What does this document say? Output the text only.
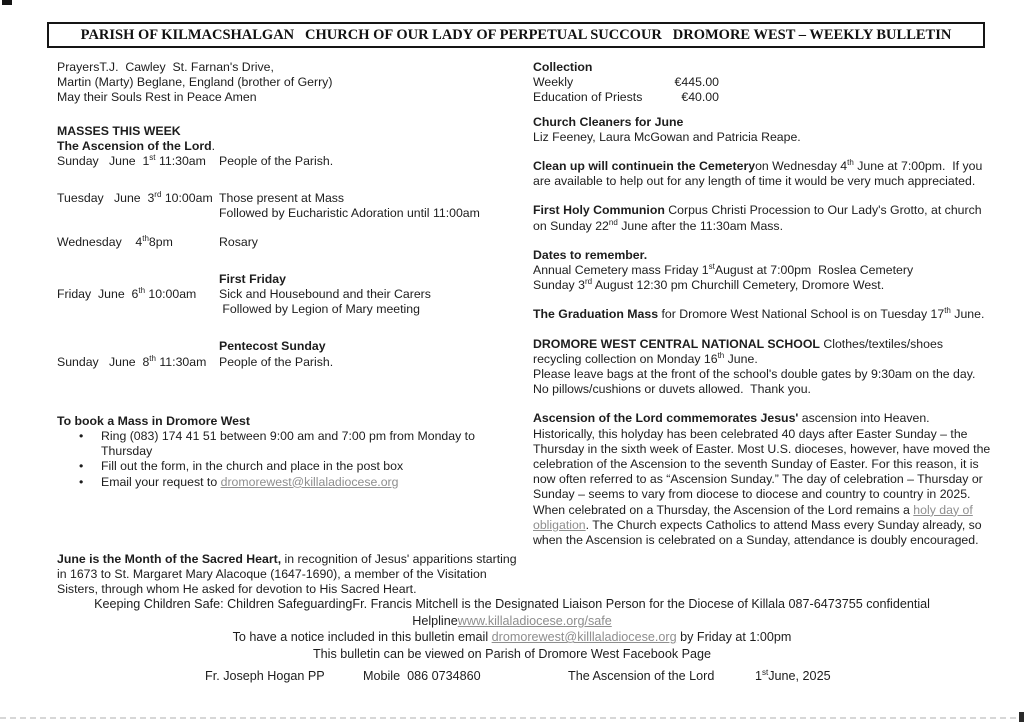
PARISH OF KILMACSHALGAN   CHURCH OF OUR LADY OF PERPETUAL SUCCOUR   DROMORE WEST – WEEKLY BULLETIN
PrayersT.J.  Cawley  St. Farnan's Drive,
Martin (Marty) Beglane, England (brother of Gerry)
May their Souls Rest in Peace Amen
MASSES THIS WEEK
The Ascension of the Lord.
Sunday   June  1st 11:30am	People of the Parish.
Tuesday   June  3rd 10:00am Those present at Mass
Followed by Eucharistic Adoration until 11:00am
Wednesday    4th8pm	Rosary
First Friday
Friday  June  6th 10:00am	Sick and Housebound and their Carers
Followed by Legion of Mary meeting
Pentecost Sunday
Sunday   June  8th 11:30am	People of the Parish.
To book a Mass in Dromore West
•	Ring (083) 174 41 51 between 9:00 am and 7:00 pm from Monday to Thursday
•	Fill out the form, in the church and place in the post box
•	Email your request to dromorewest@killaladiocese.org
June is the Month of the Sacred Heart, in recognition of Jesus' apparitions starting in 1673 to St. Margaret Mary Alacoque (1647-1690), a member of the Visitation Sisters, through whom He asked for devotion to His Sacred Heart.
Collection
Weekly	€445.00
Education of Priests	€40.00
Church Cleaners for June
Liz Feeney, Laura McGowan and Patricia Reape.
Clean up will continuein the Cemeteryon Wednesday 4th June at 7:00pm.  If you are available to help out for any length of time it would be very much appreciated.
First Holy Communion Corpus Christi Procession to Our Lady's Grotto, at church on Sunday 22nd June after the 11:30am Mass.
Dates to remember.
Annual Cemetery mass Friday 1stAugust at 7:00pm  Roslea Cemetery
Sunday 3rd August 12:30 pm Churchill Cemetery, Dromore West.
The Graduation Mass for Dromore West National School is on Tuesday 17th June.
DROMORE WEST CENTRAL NATIONAL SCHOOL Clothes/textiles/shoes recycling collection on Monday 16th June.
Please leave bags at the front of the school's double gates by 9:30am on the day. No pillows/cushions or duvets allowed.  Thank you.
Ascension of the Lord commemorates Jesus' ascension into Heaven. Historically, this holyday has been celebrated 40 days after Easter Sunday – the Thursday in the sixth week of Easter. Most U.S. dioceses, however, have moved the celebration of the Ascension to the seventh Sunday of Easter. For this reason, it is now often referred to as “Ascension Sunday.” The day of celebration – Thursday or Sunday – seems to vary from diocese to diocese and country to country in 2025.
When celebrated on a Thursday, the Ascension of the Lord remains a holy day of obligation. The Church expects Catholics to attend Mass every Sunday already, so when the Ascension is celebrated on a Sunday, attendance is doubly encouraged.
Keeping Children Safe: Children SafeguardingFr. Francis Mitchell is the Designated Liaison Person for the Diocese of Killala 087-6473755 confidential
Helplinewww.killaladiocese.org/safe
To have a notice included in this bulletin email dromorewest@killlaladiocese.org by Friday at 1:00pm
This bulletin can be viewed on Parish of Dromore West Facebook Page
Fr. Joseph Hogan PP	Mobile  086 0734860	The Ascension of the Lord	1stJune, 2025
